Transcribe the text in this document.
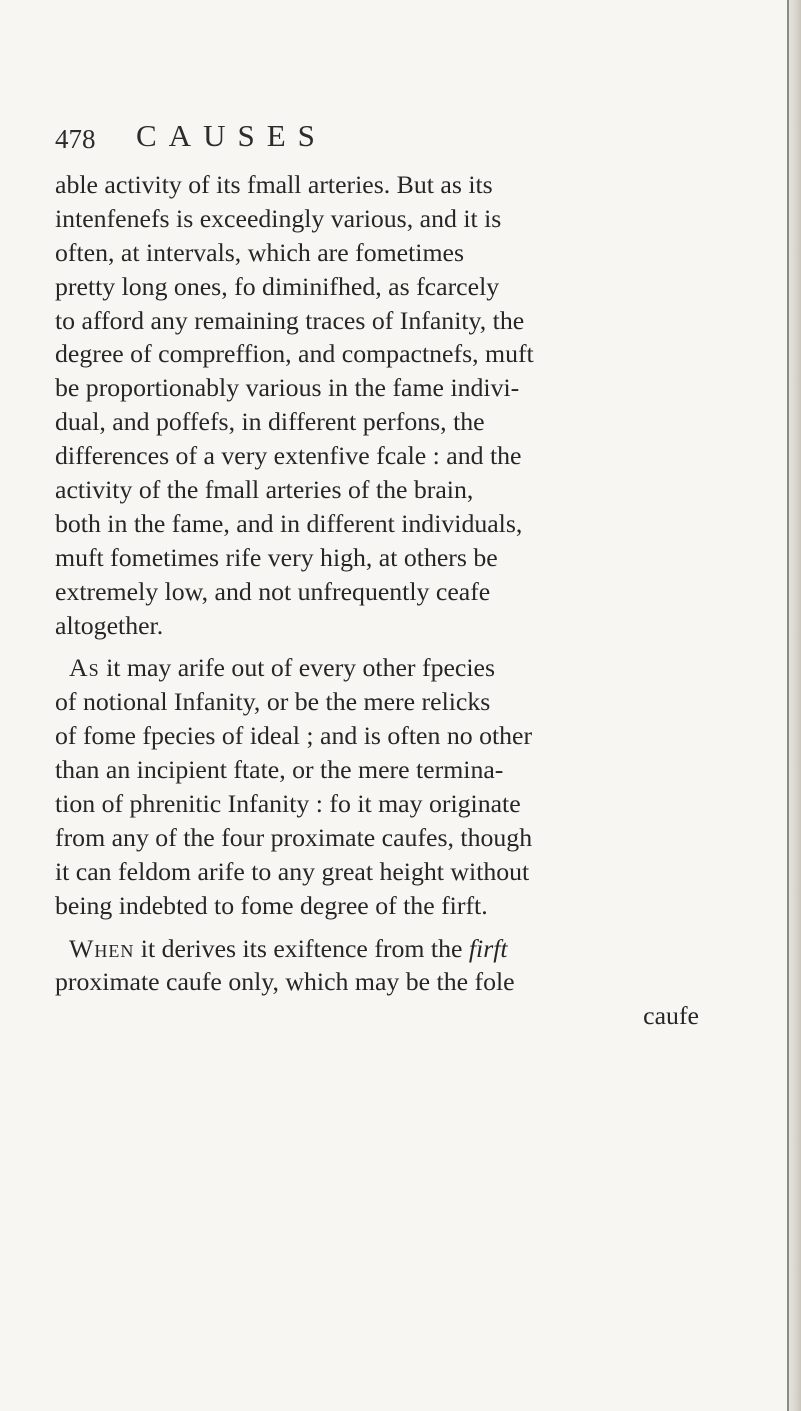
478 CAUSES
able activity of its fmall arteries. But as its
intenfenefs is exceedingly various, and it is
often, at intervals, which are fometimes
pretty long ones, fo diminifhed, as fcarcely
to afford any remaining traces of Infanity, the
degree of compreffion, and compactnefs, muft
be proportionably various in the fame indivi-
dual, and poffefs, in different perfons, the
differences of a very extenfive fcale : and the
activity of the fmall arteries of the brain,
both in the fame, and in different individuals,
muft fometimes rife very high, at others be
extremely low, and not unfrequently ceafe
altogether.
As it may arife out of every other fpecies
of notional Infanity, or be the mere relicks
of fome fpecies of ideal ; and is often no other
than an incipient ftate, or the mere termina-
tion of phrenitic Infanity : fo it may originate
from any of the four proximate caufes, though
it can feldom arife to any great height without
being indebted to fome degree of the firft.
When it derives its exiftence from the firft
proximate caufe only, which may be the fole
caufe
